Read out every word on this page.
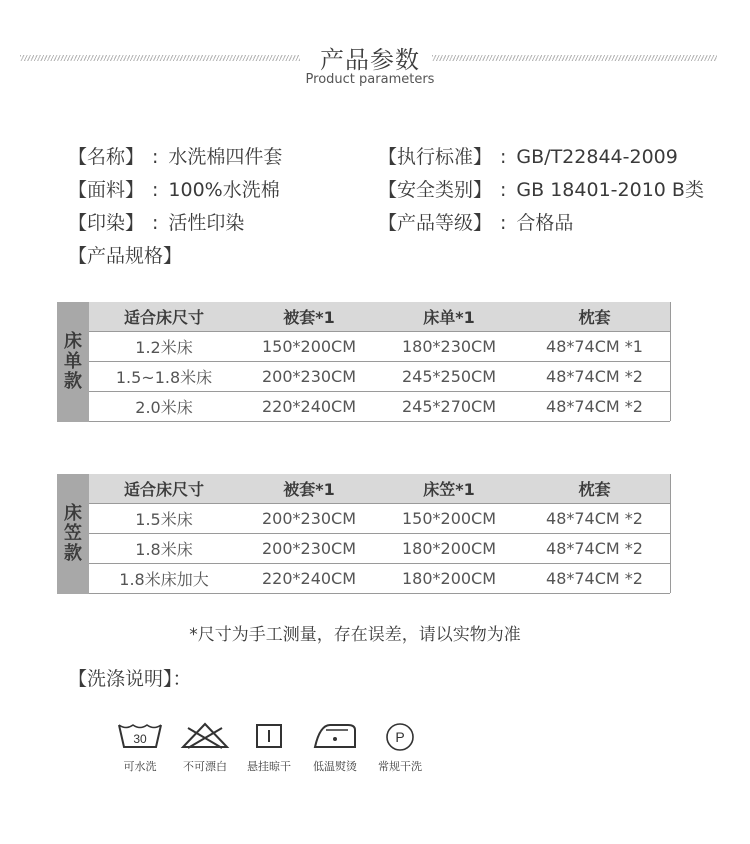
产品参数
Product parameters
【名称】 : 水洗棉四件套
【面料】 : 100%水洗棉
【印染】 : 活性印染
【产品规格】
【执行标准】 : GB/T22844-2009
【安全类别】 : GB 18401-2010 B类
【产品等级】 : 合格品
床
单
款	适合床尺寸	被套*1	床单*1	枕套
	1.2米床	150*200CM	180*230CM	48*74CM *1
	1.5~1.8米床	200*230CM	245*250CM	48*74CM *2
	2.0米床	220*240CM	245*270CM	48*74CM *2
床
笠
款	适合床尺寸	被套*1	床笠*1	枕套
	1.5米床	200*230CM	150*200CM	48*74CM *2
	1.8米床	200*230CM	180*200CM	48*74CM *2
	1.8米床加大	220*240CM	180*200CM	48*74CM *2
*尺寸为手工测量，存在误差，请以实物为准
【洗涤说明】：
30
可水洗	不可漂白	悬挂晾干	低温熨烫
P
常规干洗
